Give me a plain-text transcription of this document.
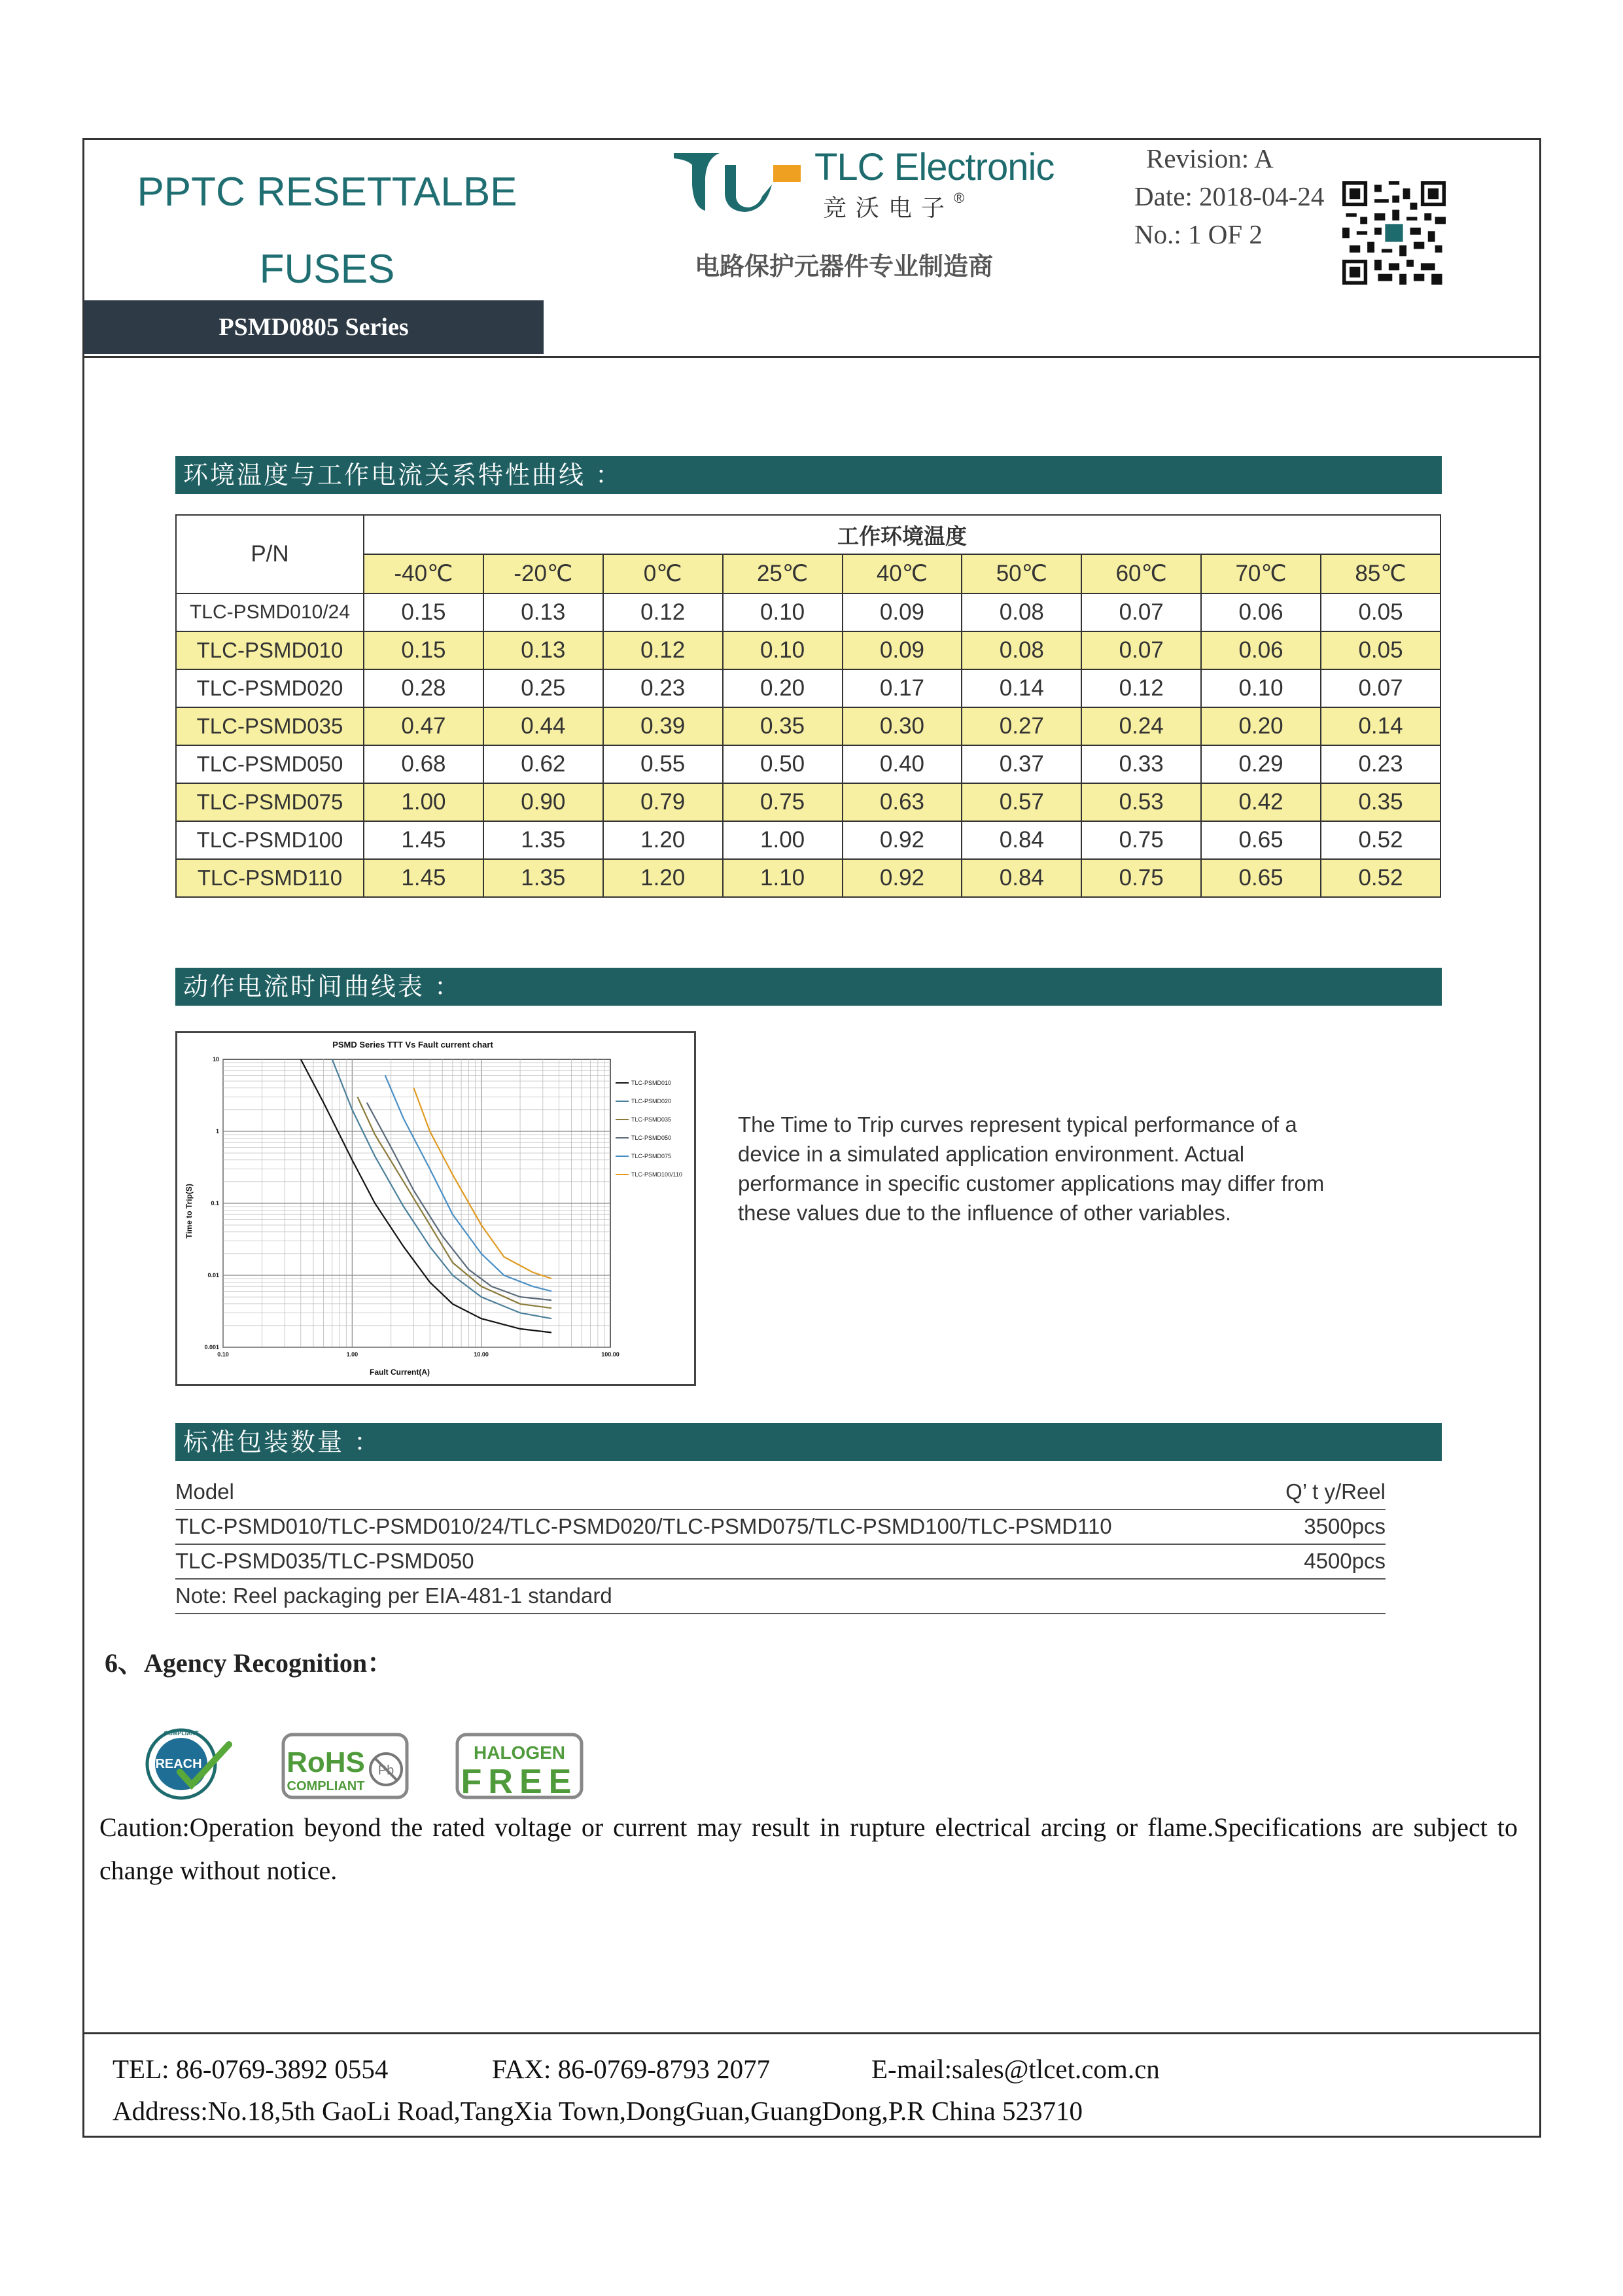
PPTC RESETTALBE
FUSES
PSMD0805 Series
TLC Electronic
竞沃电子®
电路保护元器件专业制造商
Revision: A
Date: 2018-04-24
No.: 1 OF 2
环境温度与工作电流关系特性曲线 ：
P/N	工作环境温度								
	-40℃	-20℃	0℃	25℃	40℃	50℃	60℃	70℃	85℃
TLC-PSMD010/24	0.15	0.13	0.12	0.10	0.09	0.08	0.07	0.06	0.05
TLC-PSMD010	0.15	0.13	0.12	0.10	0.09	0.08	0.07	0.06	0.05
TLC-PSMD020	0.28	0.25	0.23	0.20	0.17	0.14	0.12	0.10	0.07
TLC-PSMD035	0.47	0.44	0.39	0.35	0.30	0.27	0.24	0.20	0.14
TLC-PSMD050	0.68	0.62	0.55	0.50	0.40	0.37	0.33	0.29	0.23
TLC-PSMD075	1.00	0.90	0.79	0.75	0.63	0.57	0.53	0.42	0.35
TLC-PSMD100	1.45	1.35	1.20	1.00	0.92	0.84	0.75	0.65	0.52
TLC-PSMD110	1.45	1.35	1.20	1.10	0.92	0.84	0.75	0.65	0.52
动作电流时间曲线表 ：
PSMD Series TTT Vs Fault current chart
Fault Current(A)
Time to Trip(S)
0.10	1.00	10.00	100.00
10
1
0.1
0.01
0.001
TLC-PSMD010
TLC-PSMD020
TLC-PSMD035
TLC-PSMD050
TLC-PSMD075
TLC-PSMD100/110
The Time to Trip curves represent typical performance of a device in a simulated application environment. Actual performance in specific customer applications may differ from these values due to the influence of other variables.
标准包装数量 ：
Model	Q’ t y/Reel
TLC-PSMD010/TLC-PSMD010/24/TLC-PSMD020/TLC-PSMD075/TLC-PSMD100/TLC-PSMD110	3500pcs
TLC-PSMD035/TLC-PSMD050	4500pcs
Note: Reel packaging per EIA-481-1 standard
6、Agency Recognition：
COMPLIANT
REACH	RoHS
COMPLIANT
Pb
HALOGEN
FREE
Caution:Operation beyond the rated voltage or current may result in rupture electrical arcing or flame.Specifications are subject to change without notice.
TEL: 86-0769-3892 0554	FAX: 86-0769-8793 2077	E-mail:sales@tlcet.com.cn
Address:No.18,5th GaoLi Road,TangXia Town,DongGuan,GuangDong,P.R China 523710
